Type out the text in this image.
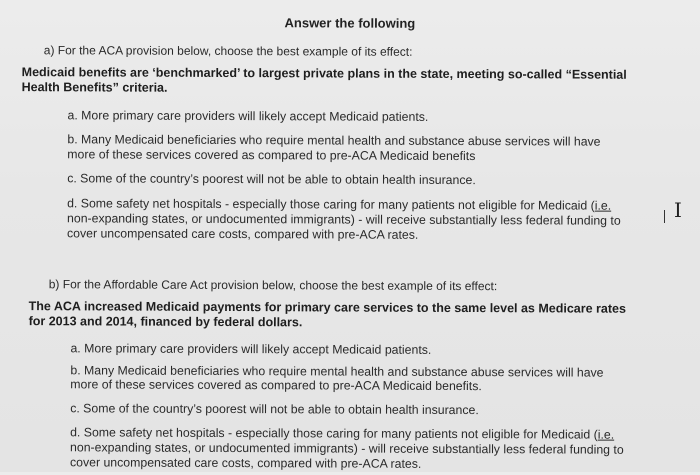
Answer the following
a) For the ACA provision below, choose the best example of its effect:
Medicaid benefits are ‘benchmarked’ to largest private plans in the state, meeting so-called “Essential
Health Benefits” criteria.
a. More primary care providers will likely accept Medicaid patients.
b. Many Medicaid beneficiaries who require mental health and substance abuse services will have
more of these services covered as compared to pre-ACA Medicaid benefits
c. Some of the country’s poorest will not be able to obtain health insurance.
d. Some safety net hospitals - especially those caring for many patients not eligible for Medicaid (i.e.
non-expanding states, or undocumented immigrants) - will receive substantially less federal funding to
cover uncompensated care costs, compared with pre-ACA rates.
b) For the Affordable Care Act provision below, choose the best example of its effect:
The ACA increased Medicaid payments for primary care services to the same level as Medicare rates
for 2013 and 2014, financed by federal dollars.
a. More primary care providers will likely accept Medicaid patients.
b. Many Medicaid beneficiaries who require mental health and substance abuse services will have
more of these services covered as compared to pre-ACA Medicaid benefits.
c. Some of the country’s poorest will not be able to obtain health insurance.
d. Some safety net hospitals - especially those caring for many patients not eligible for Medicaid (i.e.
non-expanding states, or undocumented immigrants) - will receive substantially less federal funding to
cover uncompensated care costs, compared with pre-ACA rates.
I
